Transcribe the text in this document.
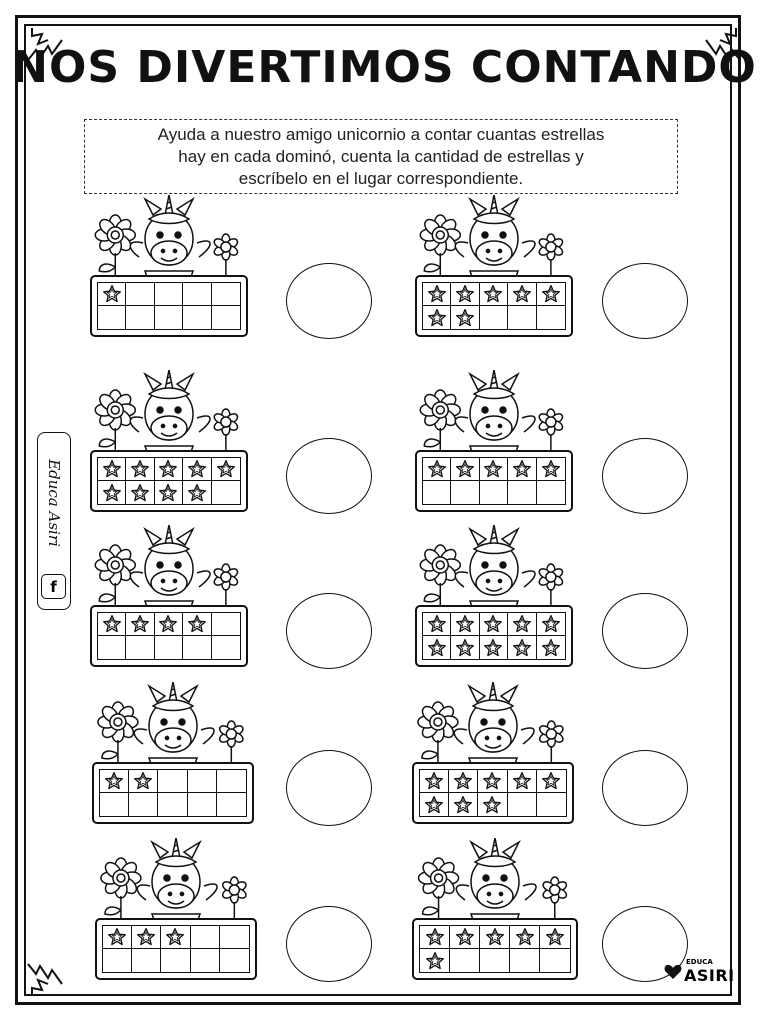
NOS DIVERTIMOS CONTANDO
Ayuda a nuestro amigo unicornio a contar cuantas estrellas
hay en cada dominó, cuenta la cantidad de estrellas y
escríbelo en el lugar correspondiente.
Educa Asiri
f
EDUCA
ASIRI
